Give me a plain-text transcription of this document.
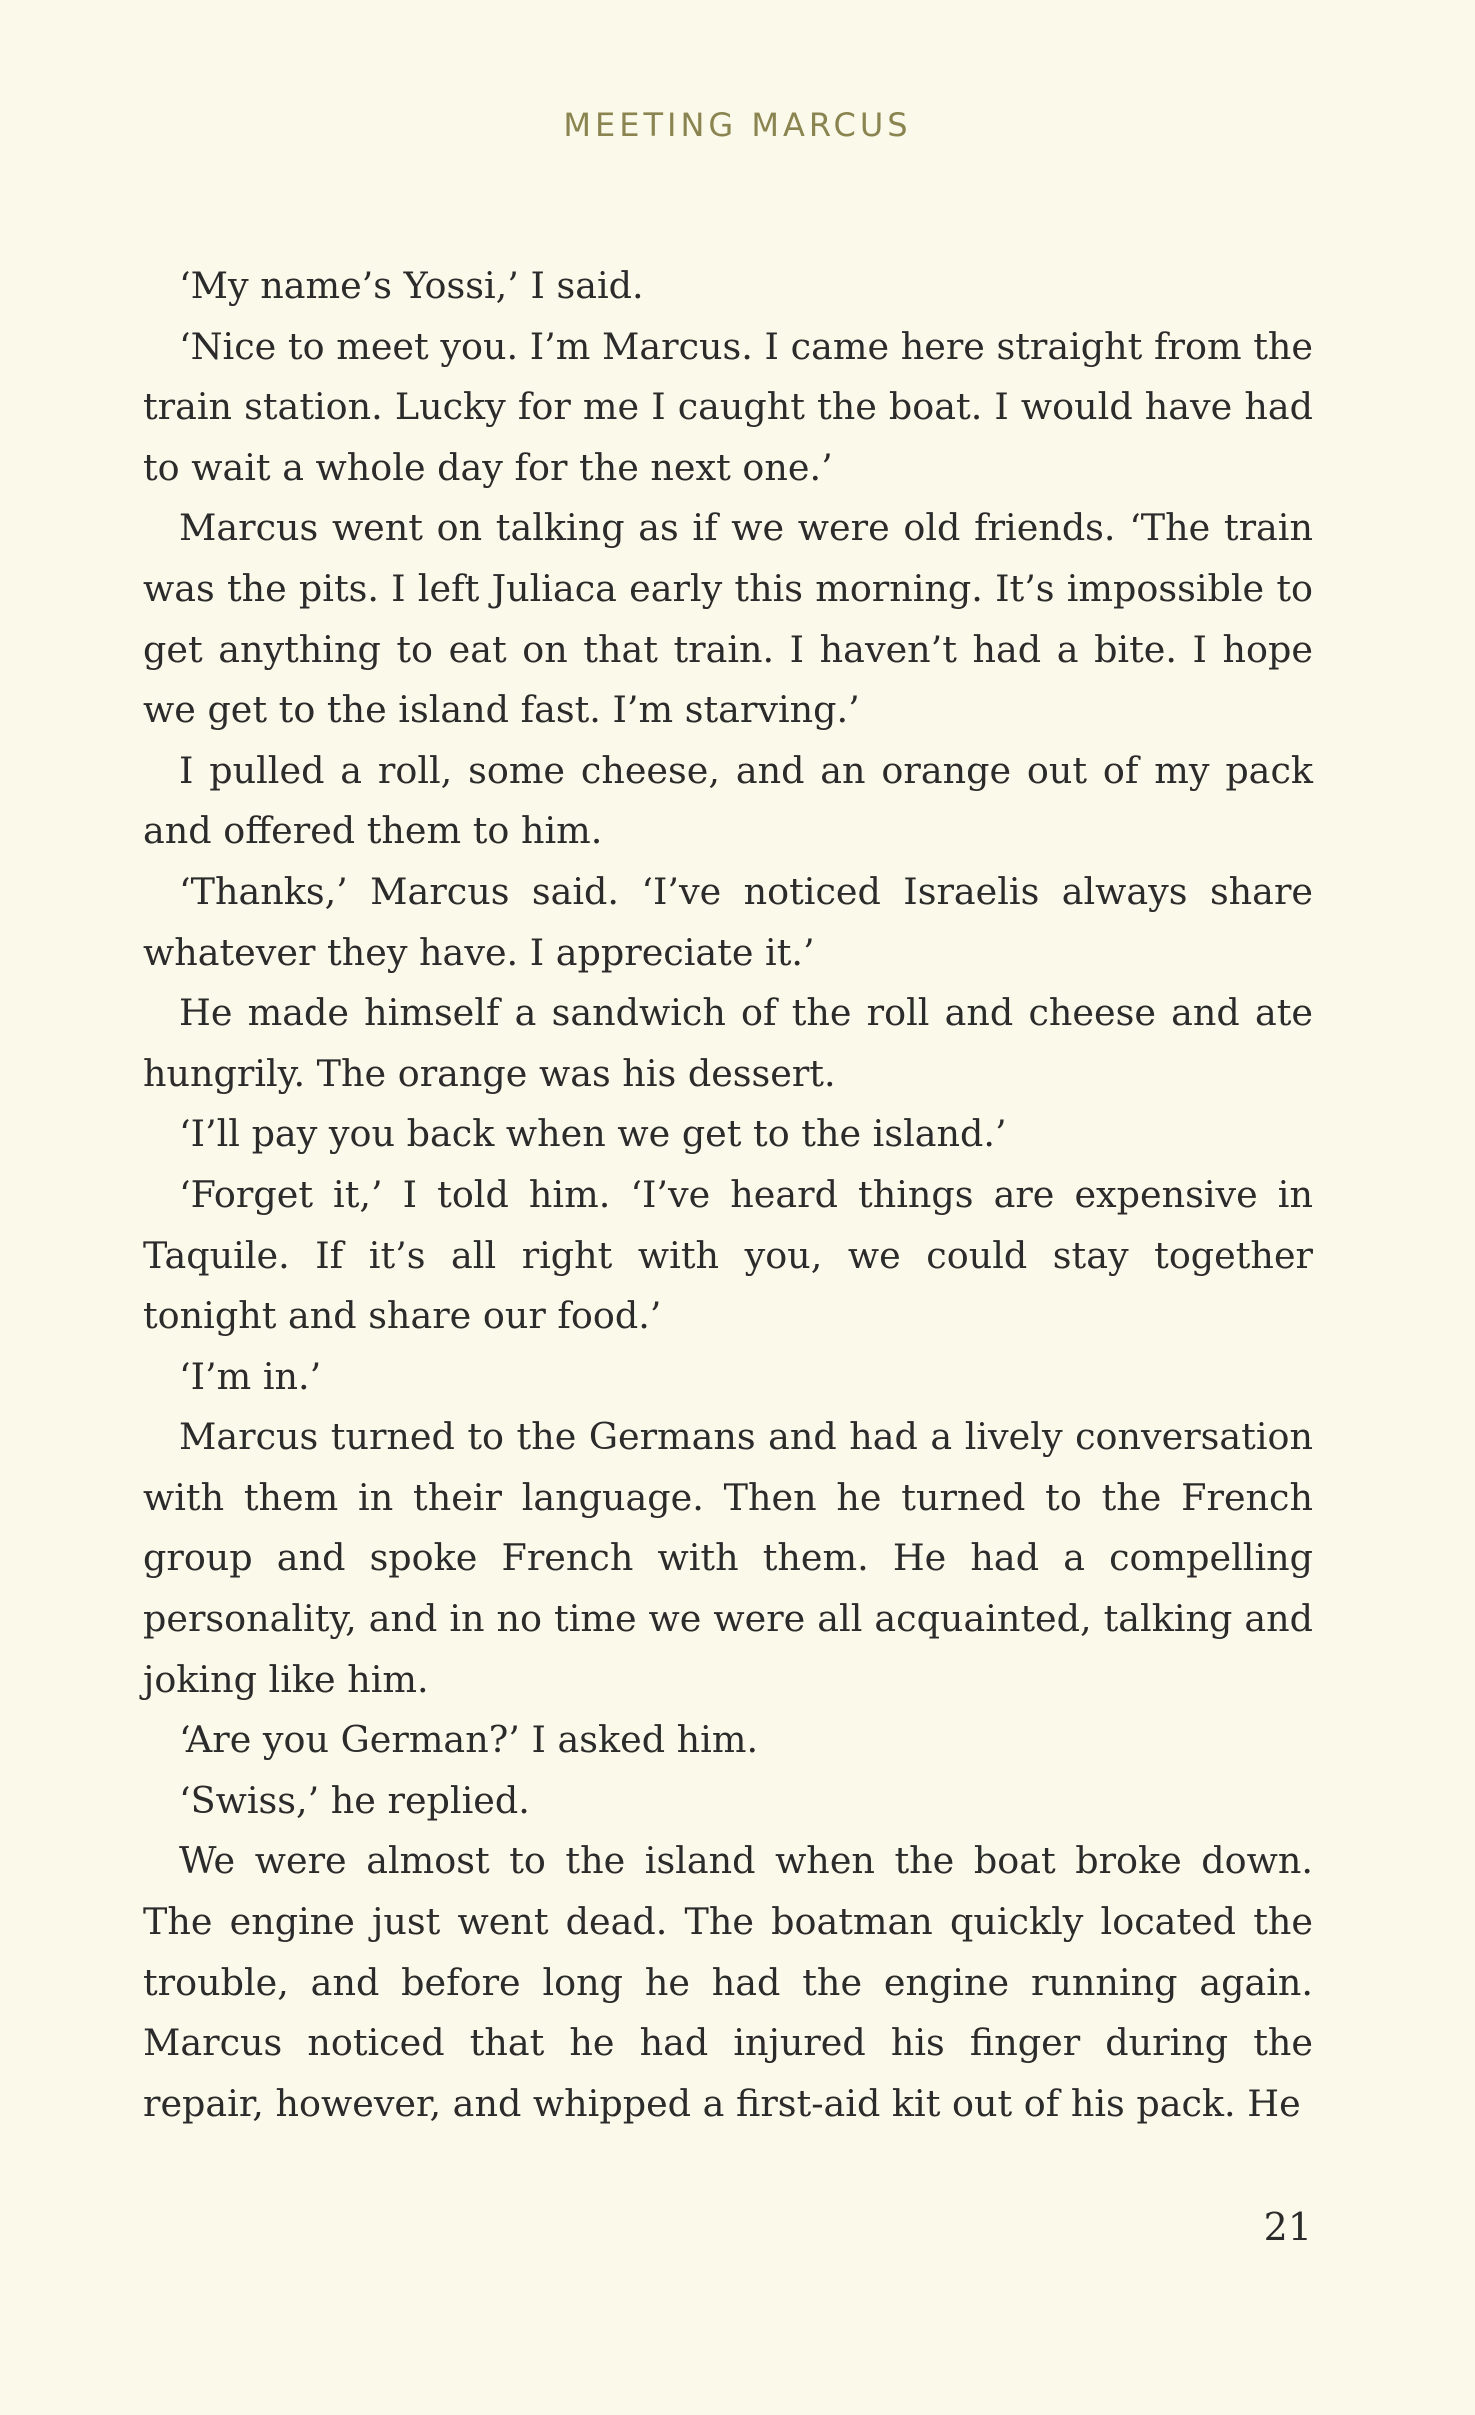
MEETING MARCUS

‘My name’s Yossi,’ I said.

‘Nice to meet you. I’m Marcus. I came here straight from the train station. Lucky for me I caught the boat. I would have had to wait a whole day for the next one.’

Marcus went on talking as if we were old friends. ‘The train was the pits. I left Juliaca early this morning. It’s impossible to get anything to eat on that train. I haven’t had a bite. I hope we get to the island fast. I’m starving.’

I pulled a roll, some cheese, and an orange out of my pack and offered them to him.

‘Thanks,’ Marcus said. ‘I’ve noticed Israelis always share whatever they have. I appreciate it.’

He made himself a sandwich of the roll and cheese and ate hungrily. The orange was his dessert.

‘I’ll pay you back when we get to the island.’

‘Forget it,’ I told him. ‘I’ve heard things are expensive in Taquile. If it’s all right with you, we could stay together tonight and share our food.’

‘I’m in.’

Marcus turned to the Germans and had a lively conversation with them in their language. Then he turned to the French group and spoke French with them. He had a compelling personality, and in no time we were all acquainted, talking and joking like him.

‘Are you German?’ I asked him.

‘Swiss,’ he replied.

We were almost to the island when the boat broke down. The engine just went dead. The boatman quickly located the trouble, and before long he had the engine running again. Marcus noticed that he had injured his finger during the repair, however, and whipped a first-aid kit out of his pack. He

21
